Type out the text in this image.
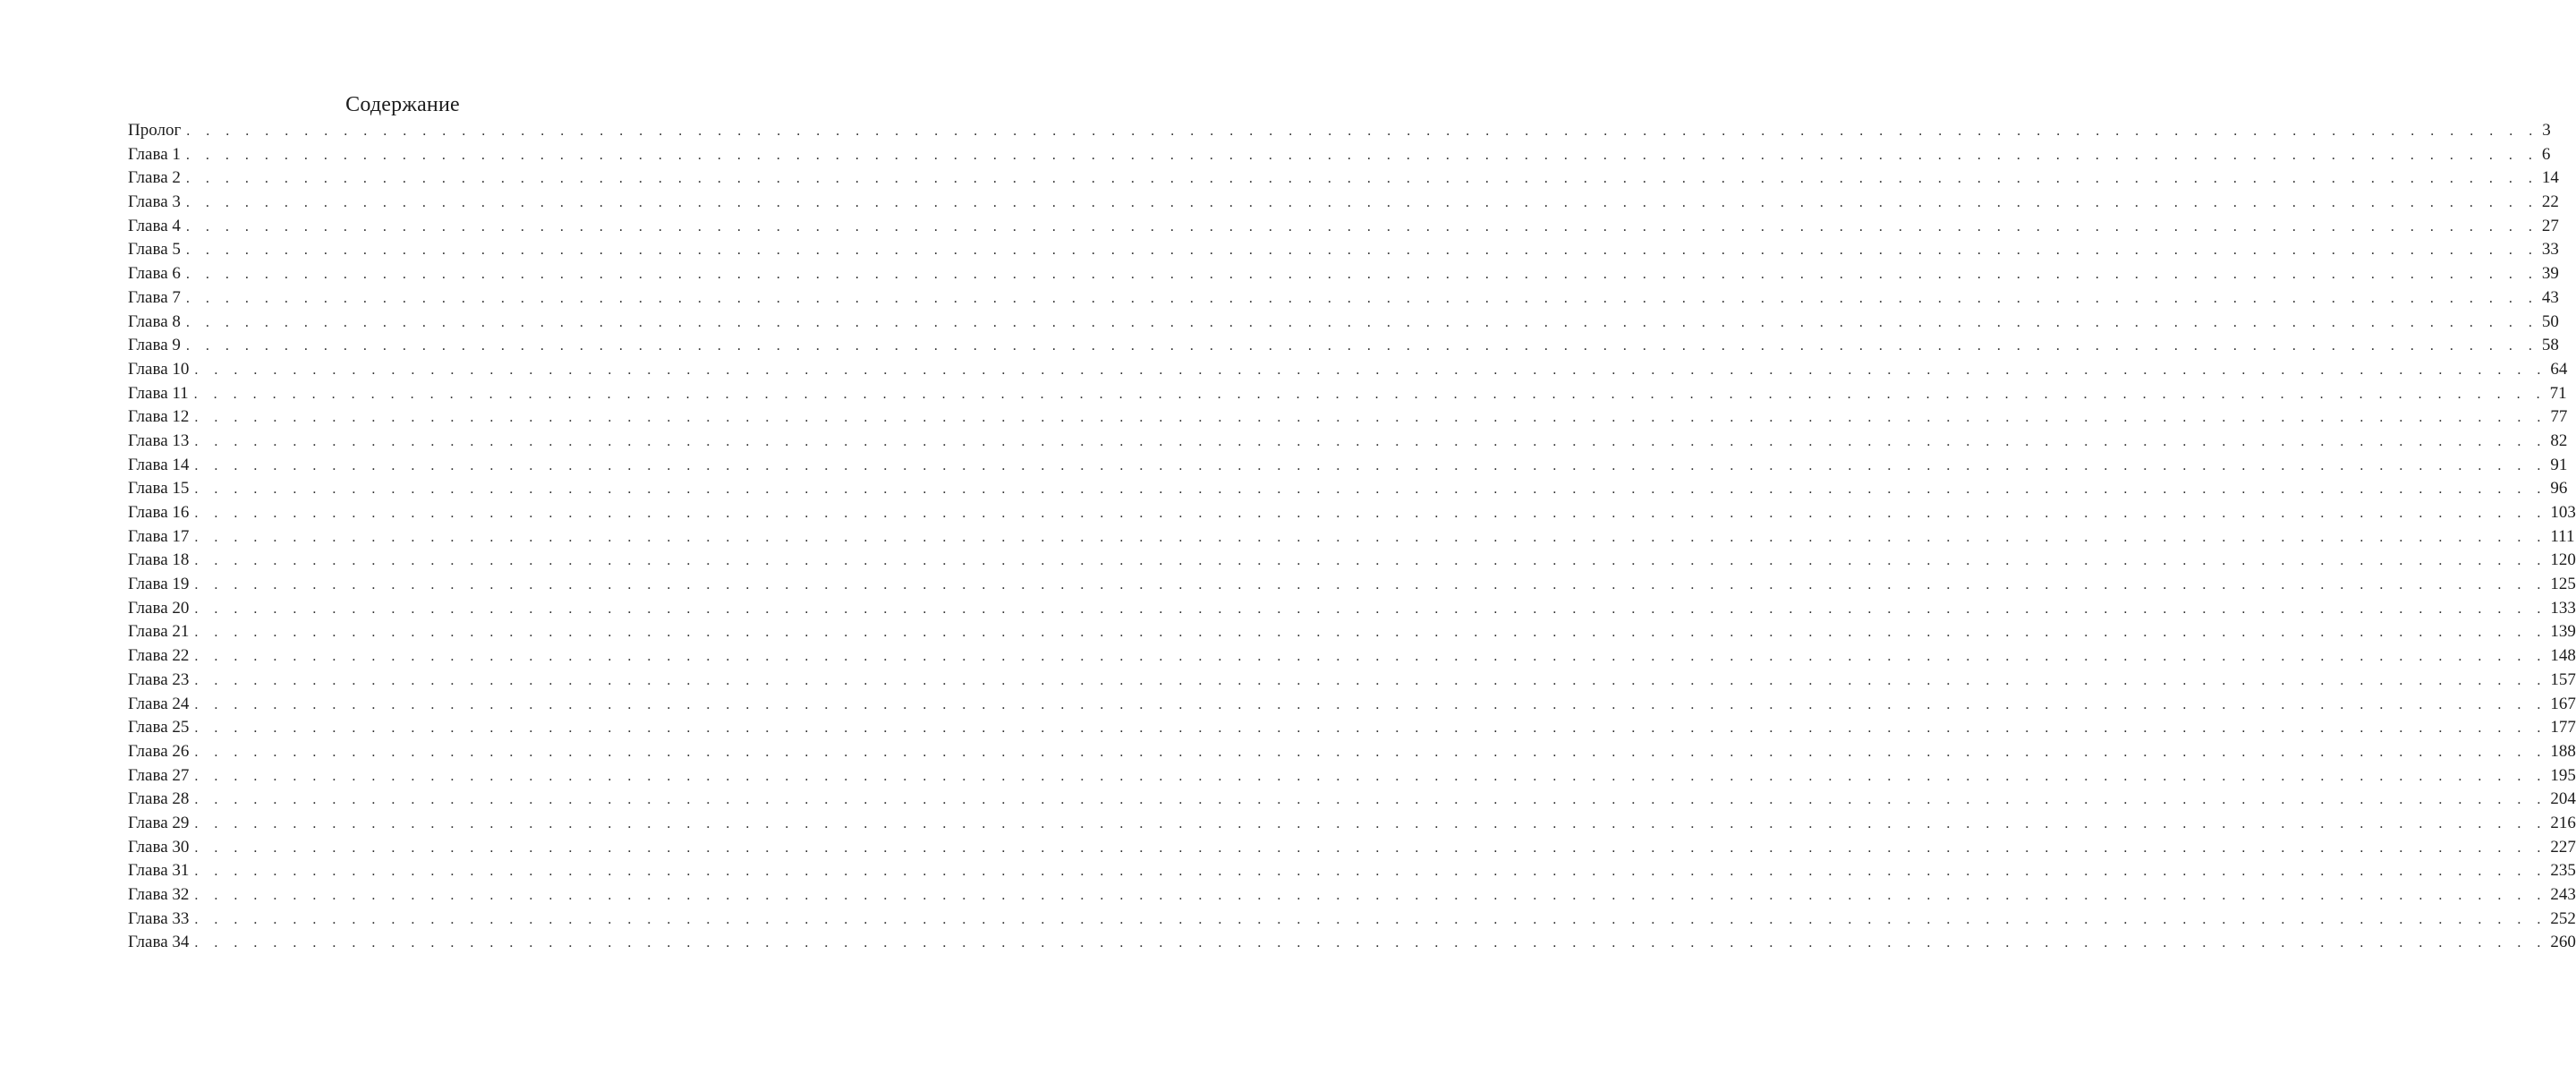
Содержание
Пролог . . . . . . . . . . . . . . . . . . . . . . . . . . . . . . . . . . . . . . . . . . . . . . . . . . . . . . . . . . . . . . . . . . . . . . . . . . . . . . . . . . . . . . . . . . . . . . . . . . . . . . . . . . . . . . . . . . . . . . . . 3
Глава 1 . . . . . . . . . . . . . . . . . . . . . . . . . . . . . . . . . . . . . . . . . . . . . . . . . . . . . . . . . . . . . . . . . . . . . . . . . . . . . . . . . . . . . . . . . . . . . . . . . . . . . . . . . . . . . . . . . . . . . . . . 6
Глава 2 . . . . . . . . . . . . . . . . . . . . . . . . . . . . . . . . . . . . . . . . . . . . . . . . . . . . . . . . . . . . . . . . . . . . . . . . . . . . . . . . . . . . . . . . . . . . . . . . . . . . . . . . . . . . . . . . . . . . . . . . 14
Глава 3 . . . . . . . . . . . . . . . . . . . . . . . . . . . . . . . . . . . . . . . . . . . . . . . . . . . . . . . . . . . . . . . . . . . . . . . . . . . . . . . . . . . . . . . . . . . . . . . . . . . . . . . . . . . . . . . . . . . . . . . . 22
Глава 4 . . . . . . . . . . . . . . . . . . . . . . . . . . . . . . . . . . . . . . . . . . . . . . . . . . . . . . . . . . . . . . . . . . . . . . . . . . . . . . . . . . . . . . . . . . . . . . . . . . . . . . . . . . . . . . . . . . . . . . . . 27
Глава 5 . . . . . . . . . . . . . . . . . . . . . . . . . . . . . . . . . . . . . . . . . . . . . . . . . . . . . . . . . . . . . . . . . . . . . . . . . . . . . . . . . . . . . . . . . . . . . . . . . . . . . . . . . . . . . . . . . . . . . . . . 33
Глава 6 . . . . . . . . . . . . . . . . . . . . . . . . . . . . . . . . . . . . . . . . . . . . . . . . . . . . . . . . . . . . . . . . . . . . . . . . . . . . . . . . . . . . . . . . . . . . . . . . . . . . . . . . . . . . . . . . . . . . . . . . 39
Глава 7 . . . . . . . . . . . . . . . . . . . . . . . . . . . . . . . . . . . . . . . . . . . . . . . . . . . . . . . . . . . . . . . . . . . . . . . . . . . . . . . . . . . . . . . . . . . . . . . . . . . . . . . . . . . . . . . . . . . . . . . . 43
Глава 8 . . . . . . . . . . . . . . . . . . . . . . . . . . . . . . . . . . . . . . . . . . . . . . . . . . . . . . . . . . . . . . . . . . . . . . . . . . . . . . . . . . . . . . . . . . . . . . . . . . . . . . . . . . . . . . . . . . . . . . . . 50
Глава 9 . . . . . . . . . . . . . . . . . . . . . . . . . . . . . . . . . . . . . . . . . . . . . . . . . . . . . . . . . . . . . . . . . . . . . . . . . . . . . . . . . . . . . . . . . . . . . . . . . . . . . . . . . . . . . . . . . . . . . . . . 58
Глава 10 . . . . . . . . . . . . . . . . . . . . . . . . . . . . . . . . . . . . . . . . . . . . . . . . . . . . . . . . . . . . . . . . . . . . . . . . . . . . . . . . . . . . . . . . . . . . . . . . . . . . . . . . . . . . . . . . . . . . . . . . 64
Глава 11 . . . . . . . . . . . . . . . . . . . . . . . . . . . . . . . . . . . . . . . . . . . . . . . . . . . . . . . . . . . . . . . . . . . . . . . . . . . . . . . . . . . . . . . . . . . . . . . . . . . . . . . . . . . . . . . . . . . . . . . . 71
Глава 12 . . . . . . . . . . . . . . . . . . . . . . . . . . . . . . . . . . . . . . . . . . . . . . . . . . . . . . . . . . . . . . . . . . . . . . . . . . . . . . . . . . . . . . . . . . . . . . . . . . . . . . . . . . . . . . . . . . . . . . . . 77
Глава 13 . . . . . . . . . . . . . . . . . . . . . . . . . . . . . . . . . . . . . . . . . . . . . . . . . . . . . . . . . . . . . . . . . . . . . . . . . . . . . . . . . . . . . . . . . . . . . . . . . . . . . . . . . . . . . . . . . . . . . . . . 82
Глава 14 . . . . . . . . . . . . . . . . . . . . . . . . . . . . . . . . . . . . . . . . . . . . . . . . . . . . . . . . . . . . . . . . . . . . . . . . . . . . . . . . . . . . . . . . . . . . . . . . . . . . . . . . . . . . . . . . . . . . . . . . 91
Глава 15 . . . . . . . . . . . . . . . . . . . . . . . . . . . . . . . . . . . . . . . . . . . . . . . . . . . . . . . . . . . . . . . . . . . . . . . . . . . . . . . . . . . . . . . . . . . . . . . . . . . . . . . . . . . . . . . . . . . . . . . . 96
Глава 16 . . . . . . . . . . . . . . . . . . . . . . . . . . . . . . . . . . . . . . . . . . . . . . . . . . . . . . . . . . . . . . . . . . . . . . . . . . . . . . . . . . . . . . . . . . . . . . . . . . . . . . . . . . . . . . . . . . . . . . . . 103
Глава 17 . . . . . . . . . . . . . . . . . . . . . . . . . . . . . . . . . . . . . . . . . . . . . . . . . . . . . . . . . . . . . . . . . . . . . . . . . . . . . . . . . . . . . . . . . . . . . . . . . . . . . . . . . . . . . . . . . . . . . . . . 111
Глава 18 . . . . . . . . . . . . . . . . . . . . . . . . . . . . . . . . . . . . . . . . . . . . . . . . . . . . . . . . . . . . . . . . . . . . . . . . . . . . . . . . . . . . . . . . . . . . . . . . . . . . . . . . . . . . . . . . . . . . . . . . 120
Глава 19 . . . . . . . . . . . . . . . . . . . . . . . . . . . . . . . . . . . . . . . . . . . . . . . . . . . . . . . . . . . . . . . . . . . . . . . . . . . . . . . . . . . . . . . . . . . . . . . . . . . . . . . . . . . . . . . . . . . . . . . . 125
Глава 20 . . . . . . . . . . . . . . . . . . . . . . . . . . . . . . . . . . . . . . . . . . . . . . . . . . . . . . . . . . . . . . . . . . . . . . . . . . . . . . . . . . . . . . . . . . . . . . . . . . . . . . . . . . . . . . . . . . . . . . . . 133
Глава 21 . . . . . . . . . . . . . . . . . . . . . . . . . . . . . . . . . . . . . . . . . . . . . . . . . . . . . . . . . . . . . . . . . . . . . . . . . . . . . . . . . . . . . . . . . . . . . . . . . . . . . . . . . . . . . . . . . . . . . . . . 139
Глава 22 . . . . . . . . . . . . . . . . . . . . . . . . . . . . . . . . . . . . . . . . . . . . . . . . . . . . . . . . . . . . . . . . . . . . . . . . . . . . . . . . . . . . . . . . . . . . . . . . . . . . . . . . . . . . . . . . . . . . . . . . 148
Глава 23 . . . . . . . . . . . . . . . . . . . . . . . . . . . . . . . . . . . . . . . . . . . . . . . . . . . . . . . . . . . . . . . . . . . . . . . . . . . . . . . . . . . . . . . . . . . . . . . . . . . . . . . . . . . . . . . . . . . . . . . . 157
Глава 24 . . . . . . . . . . . . . . . . . . . . . . . . . . . . . . . . . . . . . . . . . . . . . . . . . . . . . . . . . . . . . . . . . . . . . . . . . . . . . . . . . . . . . . . . . . . . . . . . . . . . . . . . . . . . . . . . . . . . . . . . 167
Глава 25 . . . . . . . . . . . . . . . . . . . . . . . . . . . . . . . . . . . . . . . . . . . . . . . . . . . . . . . . . . . . . . . . . . . . . . . . . . . . . . . . . . . . . . . . . . . . . . . . . . . . . . . . . . . . . . . . . . . . . . . . 177
Глава 26 . . . . . . . . . . . . . . . . . . . . . . . . . . . . . . . . . . . . . . . . . . . . . . . . . . . . . . . . . . . . . . . . . . . . . . . . . . . . . . . . . . . . . . . . . . . . . . . . . . . . . . . . . . . . . . . . . . . . . . . . 188
Глава 27 . . . . . . . . . . . . . . . . . . . . . . . . . . . . . . . . . . . . . . . . . . . . . . . . . . . . . . . . . . . . . . . . . . . . . . . . . . . . . . . . . . . . . . . . . . . . . . . . . . . . . . . . . . . . . . . . . . . . . . . . 195
Глава 28 . . . . . . . . . . . . . . . . . . . . . . . . . . . . . . . . . . . . . . . . . . . . . . . . . . . . . . . . . . . . . . . . . . . . . . . . . . . . . . . . . . . . . . . . . . . . . . . . . . . . . . . . . . . . . . . . . . . . . . . . 204
Глава 29 . . . . . . . . . . . . . . . . . . . . . . . . . . . . . . . . . . . . . . . . . . . . . . . . . . . . . . . . . . . . . . . . . . . . . . . . . . . . . . . . . . . . . . . . . . . . . . . . . . . . . . . . . . . . . . . . . . . . . . . . 216
Глава 30 . . . . . . . . . . . . . . . . . . . . . . . . . . . . . . . . . . . . . . . . . . . . . . . . . . . . . . . . . . . . . . . . . . . . . . . . . . . . . . . . . . . . . . . . . . . . . . . . . . . . . . . . . . . . . . . . . . . . . . . . 227
Глава 31 . . . . . . . . . . . . . . . . . . . . . . . . . . . . . . . . . . . . . . . . . . . . . . . . . . . . . . . . . . . . . . . . . . . . . . . . . . . . . . . . . . . . . . . . . . . . . . . . . . . . . . . . . . . . . . . . . . . . . . . . 235
Глава 32 . . . . . . . . . . . . . . . . . . . . . . . . . . . . . . . . . . . . . . . . . . . . . . . . . . . . . . . . . . . . . . . . . . . . . . . . . . . . . . . . . . . . . . . . . . . . . . . . . . . . . . . . . . . . . . . . . . . . . . . . 243
Глава 33 . . . . . . . . . . . . . . . . . . . . . . . . . . . . . . . . . . . . . . . . . . . . . . . . . . . . . . . . . . . . . . . . . . . . . . . . . . . . . . . . . . . . . . . . . . . . . . . . . . . . . . . . . . . . . . . . . . . . . . . . 252
Глава 34 . . . . . . . . . . . . . . . . . . . . . . . . . . . . . . . . . . . . . . . . . . . . . . . . . . . . . . . . . . . . . . . . . . . . . . . . . . . . . . . . . . . . . . . . . . . . . . . . . . . . . . . . . . . . . . . . . . . . . . . . 260
